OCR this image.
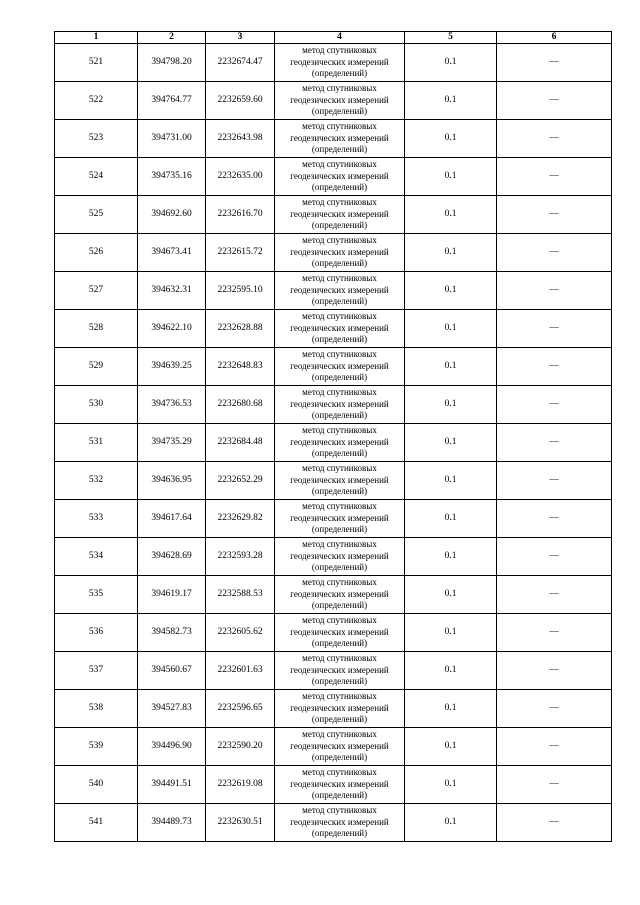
1	2	3	4	5	6
521	394798.20	2232674.47	метод спутниковых геодезических измерений (определений)	0.1	—
522	394764.77	2232659.60	метод спутниковых геодезических измерений (определений)	0.1	—
523	394731.00	2232643.98	метод спутниковых геодезических измерений (определений)	0.1	—
524	394735.16	2232635.00	метод спутниковых геодезических измерений (определений)	0.1	—
525	394692.60	2232616.70	метод спутниковых геодезических измерений (определений)	0.1	—
526	394673.41	2232615.72	метод спутниковых геодезических измерений (определений)	0.1	—
527	394632.31	2232595.10	метод спутниковых геодезических измерений (определений)	0.1	—
528	394622.10	2232628.88	метод спутниковых геодезических измерений (определений)	0.1	—
529	394639.25	2232648.83	метод спутниковых геодезических измерений (определений)	0.1	—
530	394736.53	2232680.68	метод спутниковых геодезических измерений (определений)	0.1	—
531	394735.29	2232684.48	метод спутниковых геодезических измерений (определений)	0.1	—
532	394636.95	2232652.29	метод спутниковых геодезических измерений (определений)	0.1	—
533	394617.64	2232629.82	метод спутниковых геодезических измерений (определений)	0.1	—
534	394628.69	2232593.28	метод спутниковых геодезических измерений (определений)	0.1	—
535	394619.17	2232588.53	метод спутниковых геодезических измерений (определений)	0.1	—
536	394582.73	2232605.62	метод спутниковых геодезических измерений (определений)	0.1	—
537	394560.67	2232601.63	метод спутниковых геодезических измерений (определений)	0.1	—
538	394527.83	2232596.65	метод спутниковых геодезических измерений (определений)	0.1	—
539	394496.90	2232590.20	метод спутниковых геодезических измерений (определений)	0.1	—
540	394491.51	2232619.08	метод спутниковых геодезических измерений (определений)	0.1	—
541	394489.73	2232630.51	метод спутниковых геодезических измерений (определений)	0.1	—
